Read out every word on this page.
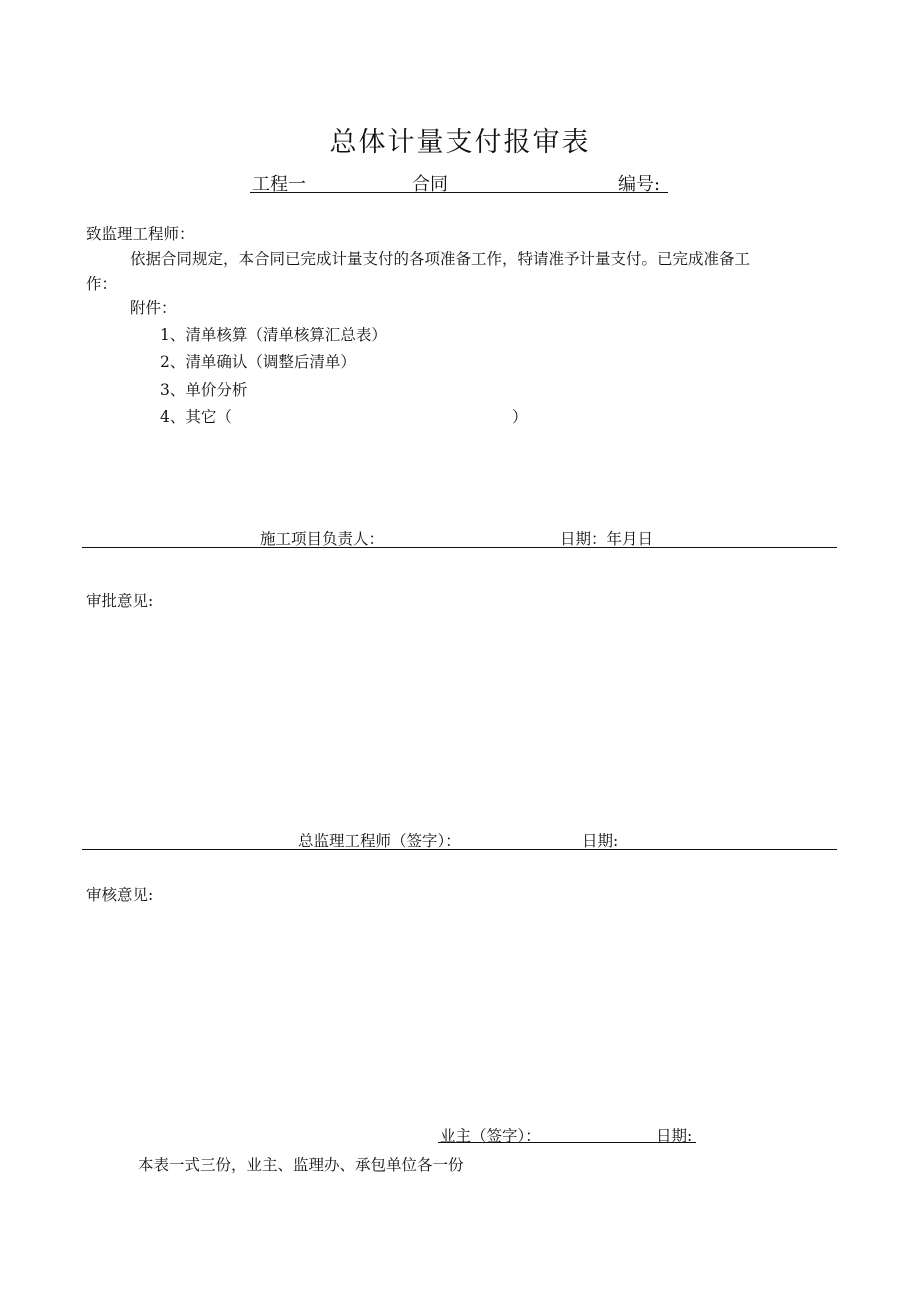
总体计量支付报审表
工程一	合同	编号:
致监理工程师：
依据合同规定，本合同已完成计量支付的各项准备工作，特请准予计量支付。已完成准备工
作：
附件：
1、清单核算（清单核算汇总表）
2、清单确认（调整后清单）
3、单价分析
4、其它（	）
施工项目负责人：	日期：年月日
审批意见:
总监理工程师（签字）：	日期:
审核意见:
业主（签字）：	日期:
本表一式三份，业主、监理办、承包单位各一份
